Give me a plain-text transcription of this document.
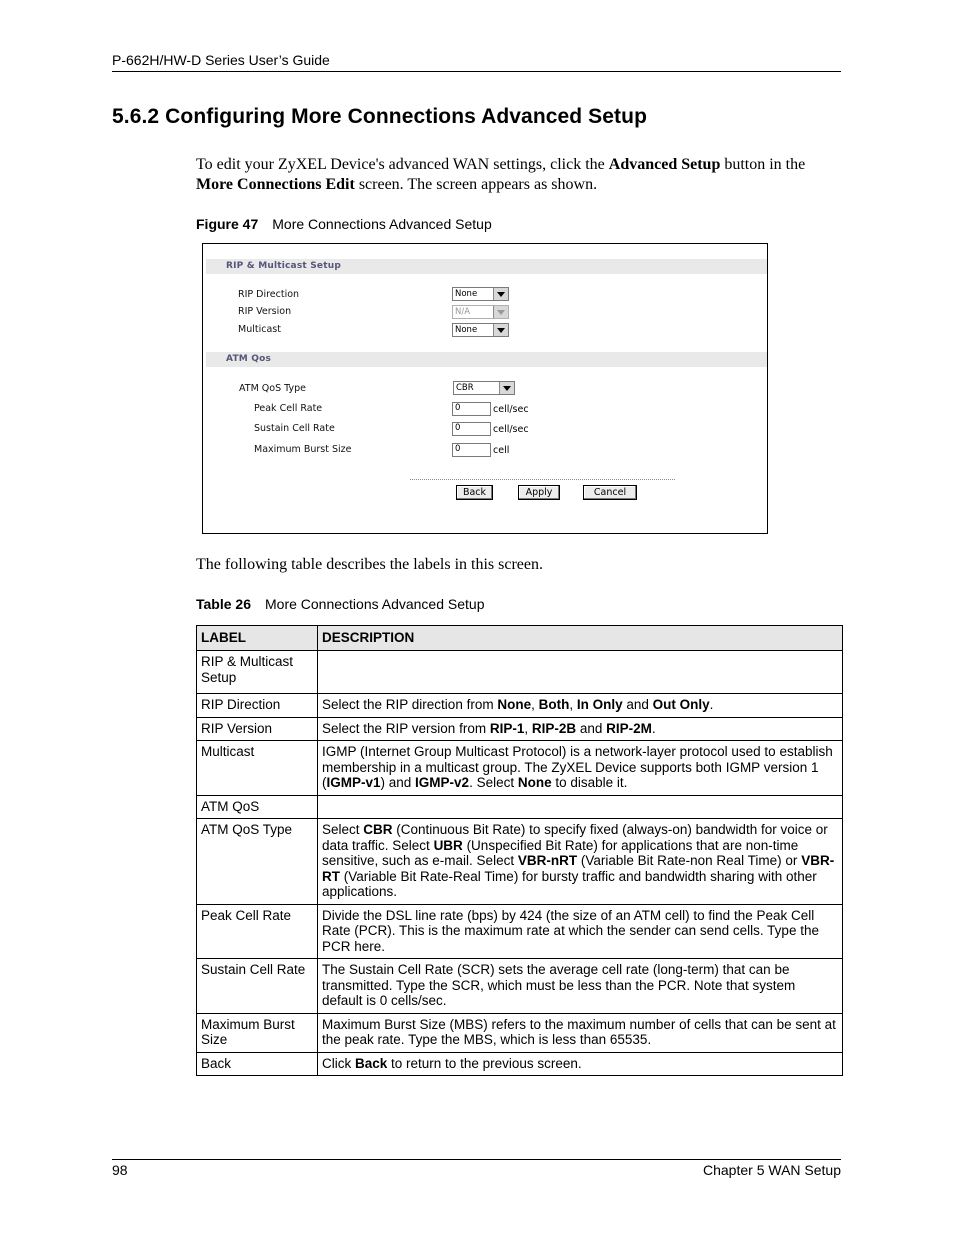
P-662H/HW-D Series User’s Guide
5.6.2 Configuring More Connections Advanced Setup
To edit your ZyXEL Device's advanced WAN settings, click the Advanced Setup button in the More Connections Edit screen. The screen appears as shown.
Figure 47 More Connections Advanced Setup
RIP & Multicast Setup
RIP Direction	None
RIP Version	N/A
Multicast	None
ATM Qos
ATM QoS Type	CBR
Peak Cell Rate	0	cell/sec
Sustain Cell Rate	0	cell/sec
Maximum Burst Size	0	cell
Back	Apply	Cancel
The following table describes the labels in this screen.
Table 26 More Connections Advanced Setup
LABEL	DESCRIPTION
RIP & Multicast Setup	
RIP Direction	Select the RIP direction from None, Both, In Only and Out Only.
RIP Version	Select the RIP version from RIP-1, RIP-2B and RIP-2M.
Multicast	IGMP (Internet Group Multicast Protocol) is a network-layer protocol used to establish membership in a multicast group. The ZyXEL Device supports both IGMP version 1 (IGMP-v1) and IGMP-v2. Select None to disable it.
ATM QoS	
ATM QoS Type	Select CBR (Continuous Bit Rate) to specify fixed (always-on) bandwidth for voice or data traffic. Select UBR (Unspecified Bit Rate) for applications that are non-time sensitive, such as e-mail. Select VBR-nRT (Variable Bit Rate-non Real Time) or VBR-RT (Variable Bit Rate-Real Time) for bursty traffic and bandwidth sharing with other applications.
Peak Cell Rate	Divide the DSL line rate (bps) by 424 (the size of an ATM cell) to find the Peak Cell Rate (PCR). This is the maximum rate at which the sender can send cells. Type the PCR here.
Sustain Cell Rate	The Sustain Cell Rate (SCR) sets the average cell rate (long-term) that can be transmitted. Type the SCR, which must be less than the PCR. Note that system default is 0 cells/sec.
Maximum Burst Size	Maximum Burst Size (MBS) refers to the maximum number of cells that can be sent at the peak rate. Type the MBS, which is less than 65535.
Back	Click Back to return to the previous screen.
98	Chapter 5 WAN Setup
